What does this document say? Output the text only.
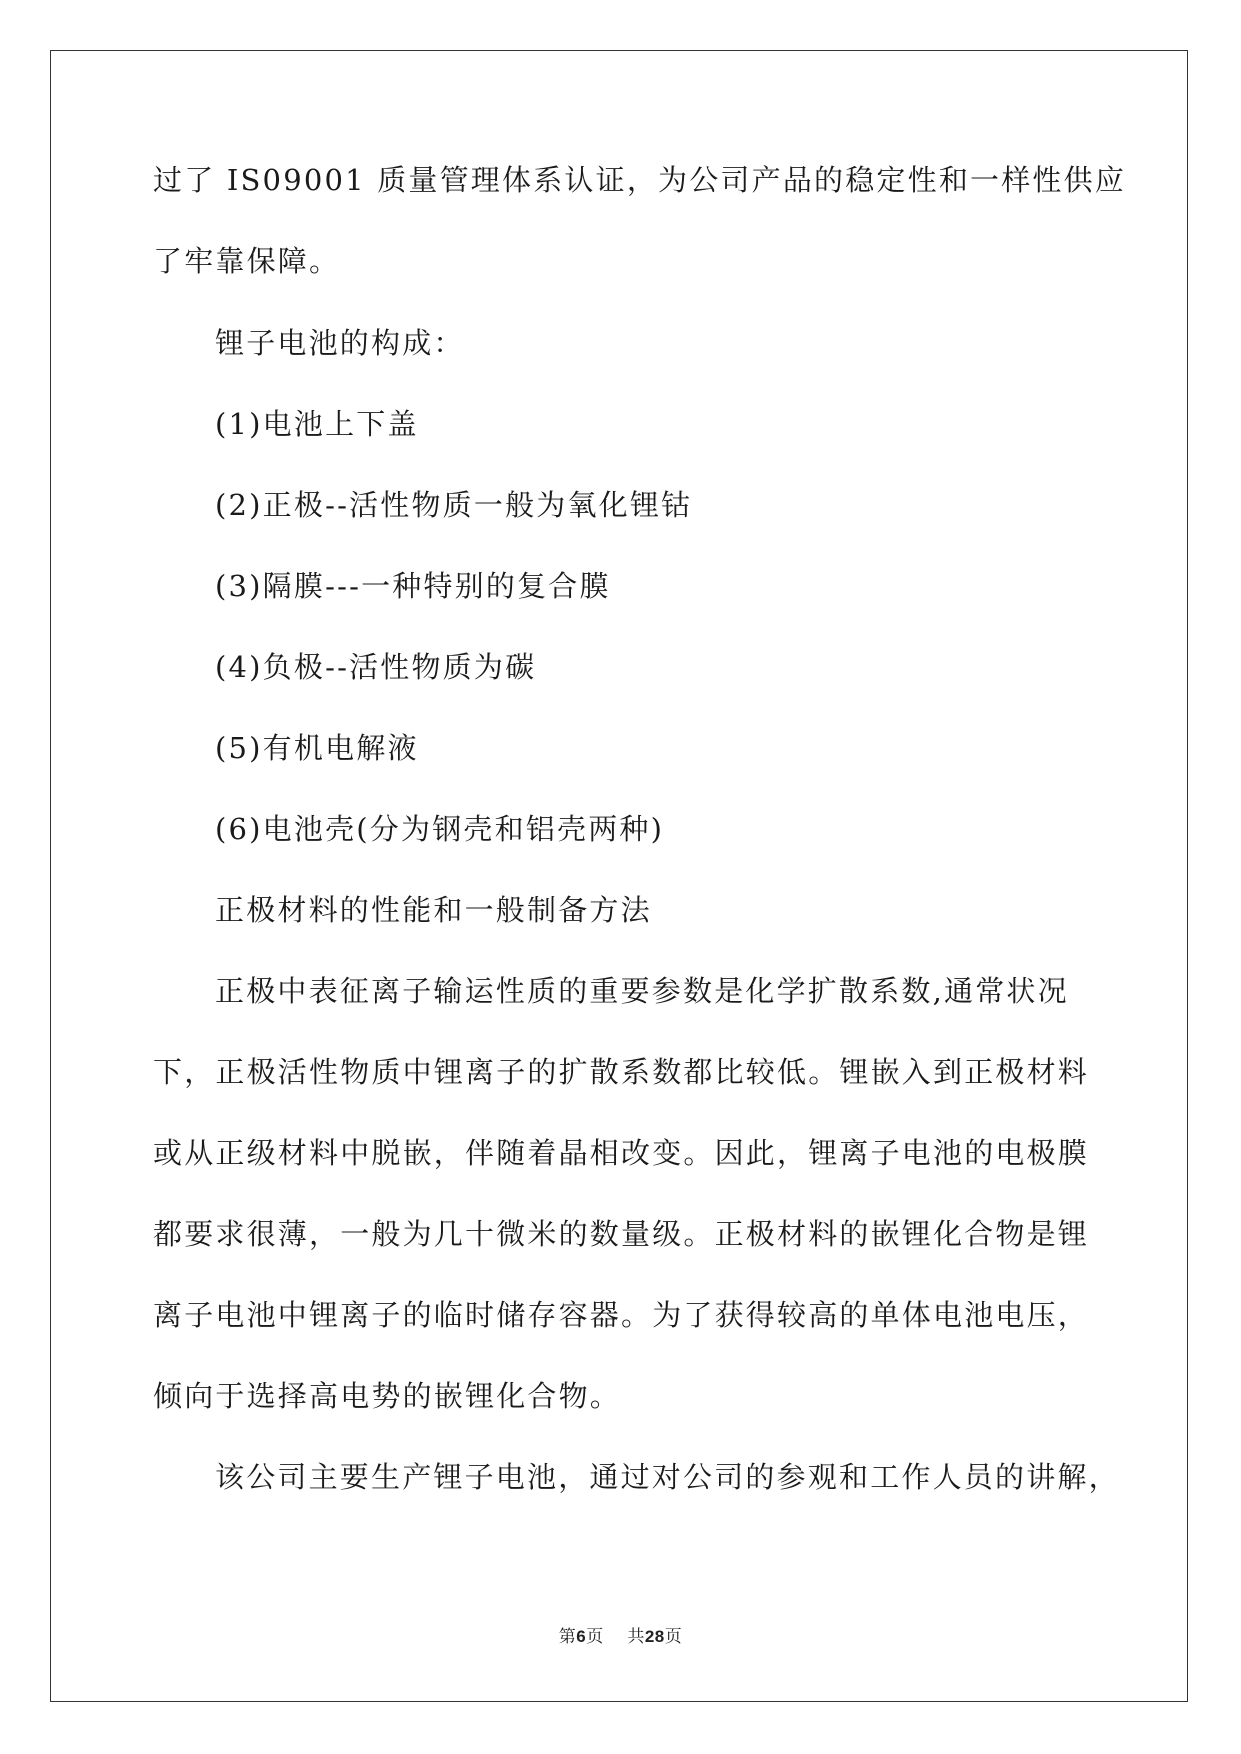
过了 IS09001 质量管理体系认证，为公司产品的稳定性和一样性供应
了牢靠保障。
锂子电池的构成：
(1)电池上下盖
(2)正极--活性物质一般为氧化锂钴
(3)隔膜---一种特别的复合膜
(4)负极--活性物质为碳
(5)有机电解液
(6)电池壳(分为钢壳和铝壳两种)
正极材料的性能和一般制备方法
正极中表征离子输运性质的重要参数是化学扩散系数,通常状况
下，正极活性物质中锂离子的扩散系数都比较低。锂嵌入到正极材料
或从正级材料中脱嵌，伴随着晶相改变。因此，锂离子电池的电极膜
都要求很薄，一般为几十微米的数量级。正极材料的嵌锂化合物是锂
离子电池中锂离子的临时储存容器。为了获得较高的单体电池电压，
倾向于选择高电势的嵌锂化合物。
该公司主要生产锂子电池，通过对公司的参观和工作人员的讲解，
第6页 共28页
